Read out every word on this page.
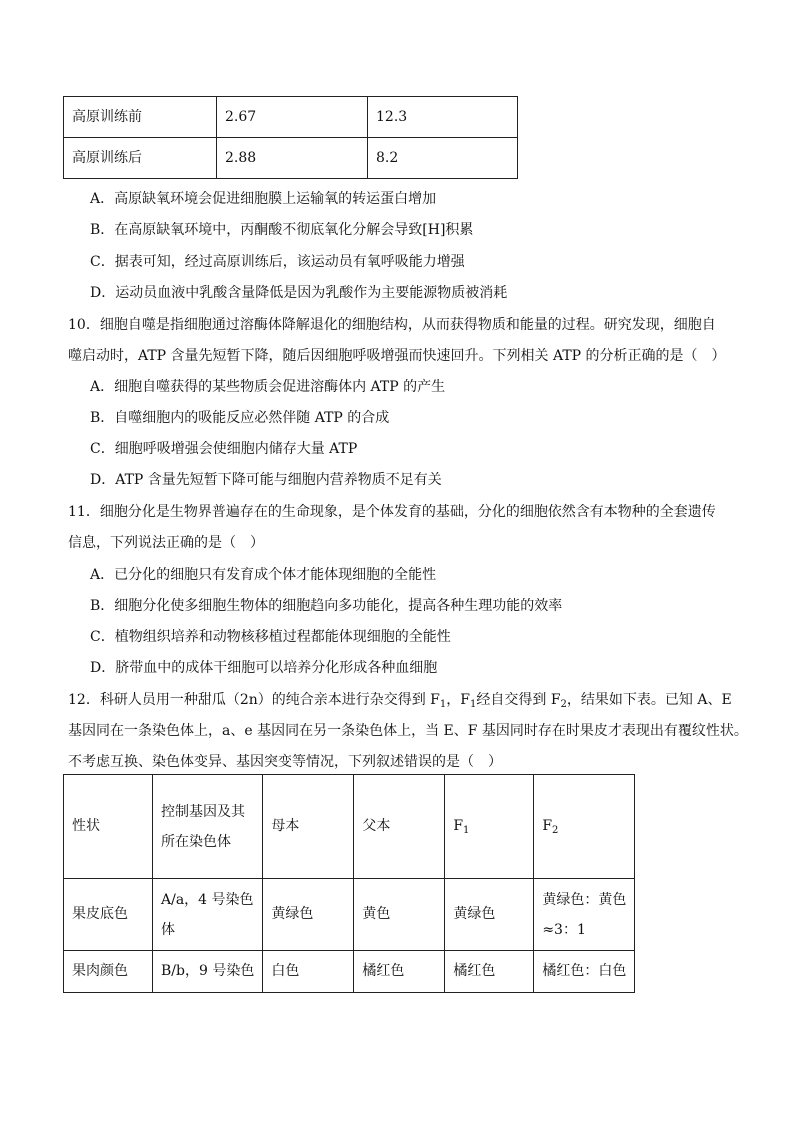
高原训练前	2.67	12.3
高原训练后	2.88	8.2
A．高原缺氧环境会促进细胞膜上运输氧的转运蛋白增加
B．在高原缺氧环境中，丙酮酸不彻底氧化分解会导致[H]积累
C．据表可知，经过高原训练后，该运动员有氧呼吸能力增强
D．运动员血液中乳酸含量降低是因为乳酸作为主要能源物质被消耗
10．细胞自噬是指细胞通过溶酶体降解退化的细胞结构，从而获得物质和能量的过程。研究发现，细胞自
噬启动时，ATP 含量先短暂下降，随后因细胞呼吸增强而快速回升。下列相关 ATP 的分析正确的是（　）
A．细胞自噬获得的某些物质会促进溶酶体内 ATP 的产生
B．自噬细胞内的吸能反应必然伴随 ATP 的合成
C．细胞呼吸增强会使细胞内储存大量 ATP
D．ATP 含量先短暂下降可能与细胞内营养物质不足有关
11．细胞分化是生物界普遍存在的生命现象，是个体发育的基础，分化的细胞依然含有本物种的全套遗传
信息，下列说法正确的是（　）
A．已分化的细胞只有发育成个体才能体现细胞的全能性
B．细胞分化使多细胞生物体的细胞趋向多功能化，提高各种生理功能的效率
C．植物组织培养和动物核移植过程都能体现细胞的全能性
D．脐带血中的成体干细胞可以培养分化形成各种血细胞
12．科研人员用一种甜瓜（2n）的纯合亲本进行杂交得到 $F_1$，$F_1$经自交得到 $F_2$，结果如下表。已知 A、E
基因同在一条染色体上，a、e 基因同在另一条染色体上，当 E、F 基因同时存在时果皮才表现出有覆纹性状。
不考虑互换、染色体变异、基因突变等情况，下列叙述错误的是（　）
性状	控制基因及其所在染色体	母本	父本	$F_1$	$F_2$
果皮底色	A/a，4 号染色体	黄绿色	黄色	黄绿色	黄绿色：黄色≈3：1
果肉颜色	B/b，9 号染色	白色	橘红色	橘红色	橘红色：白色
